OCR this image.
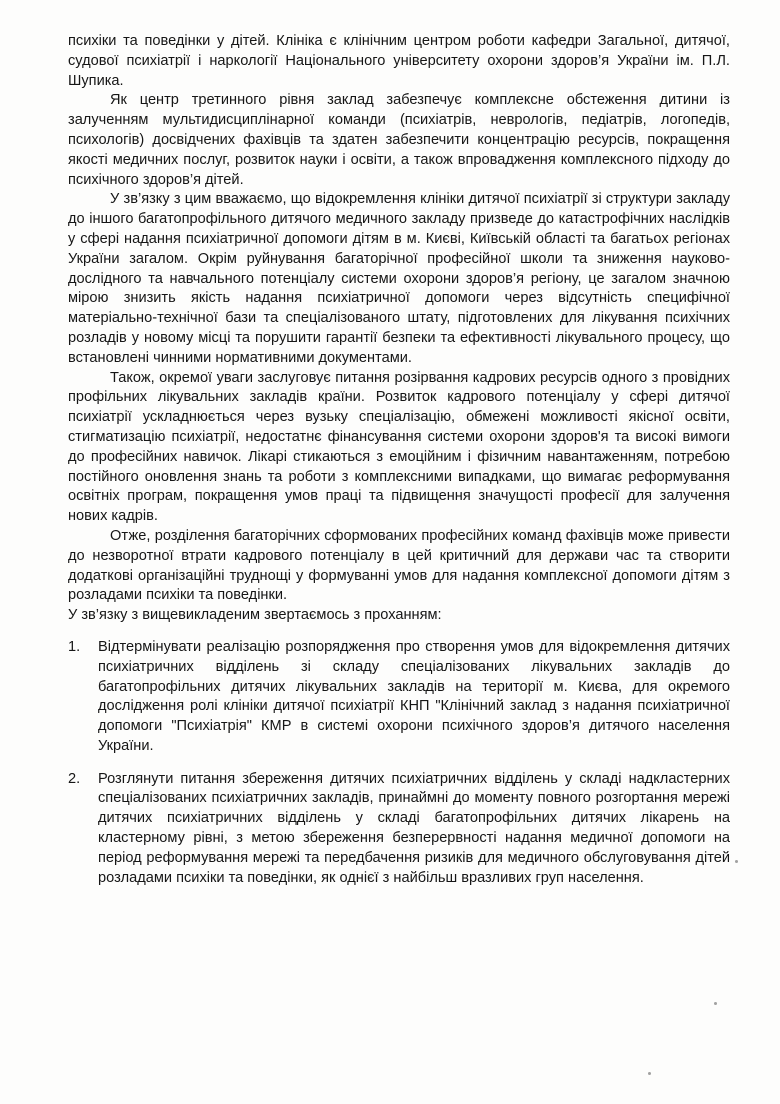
психіки та поведінки у дітей. Клініка є клінічним центром роботи кафедри Загальної, дитячої, судової психіатрії і наркології Національного університету охорони здоров’я України ім. П.Л. Шупика.

Як центр третинного рівня заклад забезпечує комплексне обстеження дитини із залученням мультидисциплінарної команди (психіатрів, неврологів, педіатрів, логопедів, психологів) досвідчених фахівців та здатен забезпечити концентрацію ресурсів, покращення якості медичних послуг, розвиток науки і освіти, а також впровадження комплексного підходу до психічного здоров’я дітей.

У зв’язку з цим вважаємо, що відокремлення клініки дитячої психіатрії зі структури закладу до іншого багатопрофільного дитячого медичного закладу призведе до катастрофічних наслідків у сфері надання психіатричної допомоги дітям в м. Києві, Київській області та багатьох регіонах України загалом. Окрім руйнування багаторічної професійної школи та зниження науково-дослідного та навчального потенціалу системи охорони здоров’я регіону, це загалом значною мірою знизить якість надання психіатричної допомоги через відсутність специфічної матеріально-технічної бази та спеціалізованого штату, підготовлених для лікування психічних розладів у новому місці та порушити гарантії безпеки та ефективності лікувального процесу, що встановлені чинними нормативними документами.

Також, окремої уваги заслуговує питання розірвання кадрових ресурсів одного з провідних профільних лікувальних закладів країни. Розвиток кадрового потенціалу у сфері дитячої психіатрії ускладнюється через вузьку спеціалізацію, обмежені можливості якісної освіти, стигматизацію психіатрії, недостатнє фінансування системи охорони здоров'я та високі вимоги до професійних навичок. Лікарі стикаються з емоційним і фізичним навантаженням, потребою постійного оновлення знань та роботи з комплексними випадками, що вимагає реформування освітніх програм, покращення умов праці та підвищення значущості професії для залучення нових кадрів.

Отже, розділення багаторічних сформованих професійних команд фахівців може привести до незворотної втрати кадрового потенціалу в цей критичний для держави час та створити додаткові організаційні труднощі у формуванні умов для надання комплексної допомоги дітям з розладами психіки та поведінки.

У зв’язку з вищевикладеним звертаємось з проханням:

1. Відтермінувати реалізацію розпорядження про створення умов для відокремлення дитячих психіатричних відділень зі складу спеціалізованих лікувальних закладів до багатопрофільних дитячих лікувальних закладів на території м. Києва, для окремого дослідження ролі клініки дитячої психіатрії КНП "Клінічний заклад з надання психіатричної допомоги "Психіатрія" КМР в системі охорони психічного здоров’я дитячого населення України.
2. Розглянути питання збереження дитячих психіатричних відділень у складі надкластерних спеціалізованих психіатричних закладів, принаймні до моменту повного розгортання мережі дитячих психіатричних відділень у складі багатопрофільних дитячих лікарень на кластерному рівні, з метою збереження безперервності надання медичної допомоги на період реформування мережі та передбачення ризиків для медичного обслуговування дітей розладами психіки та поведінки, як однієї з найбільш вразливих груп населення.
